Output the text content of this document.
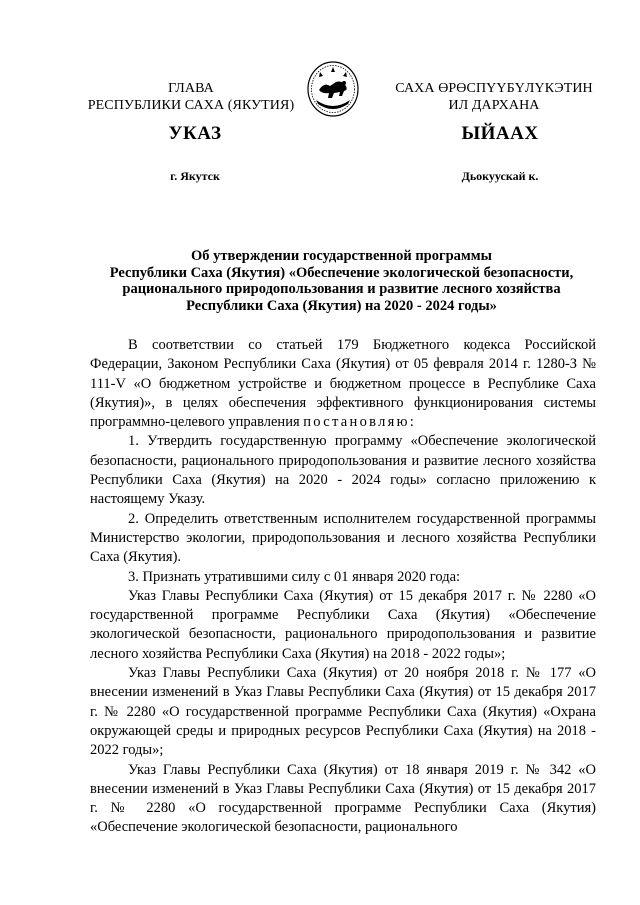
ГЛАВА
РЕСПУБЛИКИ САХА (ЯКУТИЯ)
САХА ӨРӨСПҮҮБҮЛҮКЭТИН
ИЛ ДАРХАНА
УКАЗ	ЫЙААХ
г. Якутск	Дьокуускай к.
Об утверждении государственной программы
Республики Саха (Якутия) «Обеспечение экологической безопасности,
рационального природопользования и развитие лесного хозяйства
Республики Саха (Якутия) на 2020 - 2024 годы»

В соответствии со статьей 179 Бюджетного кодекса Российской Федерации, Законом Республики Саха (Якутия) от 05 февраля 2014 г. 1280-З № 111-V «О бюджетном устройстве и бюджетном процессе в Республике Саха (Якутия)», в целях обеспечения эффективного функционирования системы программно-целевого управления постановляю:

1. Утвердить государственную программу «Обеспечение экологической безопасности, рационального природопользования и развитие лесного хозяйства Республики Саха (Якутия) на 2020 - 2024 годы» согласно приложению к настоящему Указу.

2. Определить ответственным исполнителем государственной программы Министерство экологии, природопользования и лесного хозяйства Республики Саха (Якутия).

3. Признать утратившими силу с 01 января 2020 года:

Указ Главы Республики Саха (Якутия) от 15 декабря 2017 г. № 2280 «О государственной программе Республики Саха (Якутия) «Обеспечение экологической безопасности, рационального природопользования и развитие лесного хозяйства Республики Саха (Якутия) на 2018 - 2022 годы»;

Указ Главы Республики Саха (Якутия) от 20 ноября 2018 г. № 177 «О внесении изменений в Указ Главы Республики Саха (Якутия) от 15 декабря 2017 г. № 2280 «О государственной программе Республики Саха (Якутия) «Охрана окружающей среды и природных ресурсов Республики Саха (Якутия) на 2018 - 2022 годы»;

Указ Главы Республики Саха (Якутия) от 18 января 2019 г. № 342 «О внесении изменений в Указ Главы Республики Саха (Якутия) от 15 декабря 2017 г. № 2280 «О государственной программе Республики Саха (Якутия) «Обеспечение экологической безопасности, рационального
